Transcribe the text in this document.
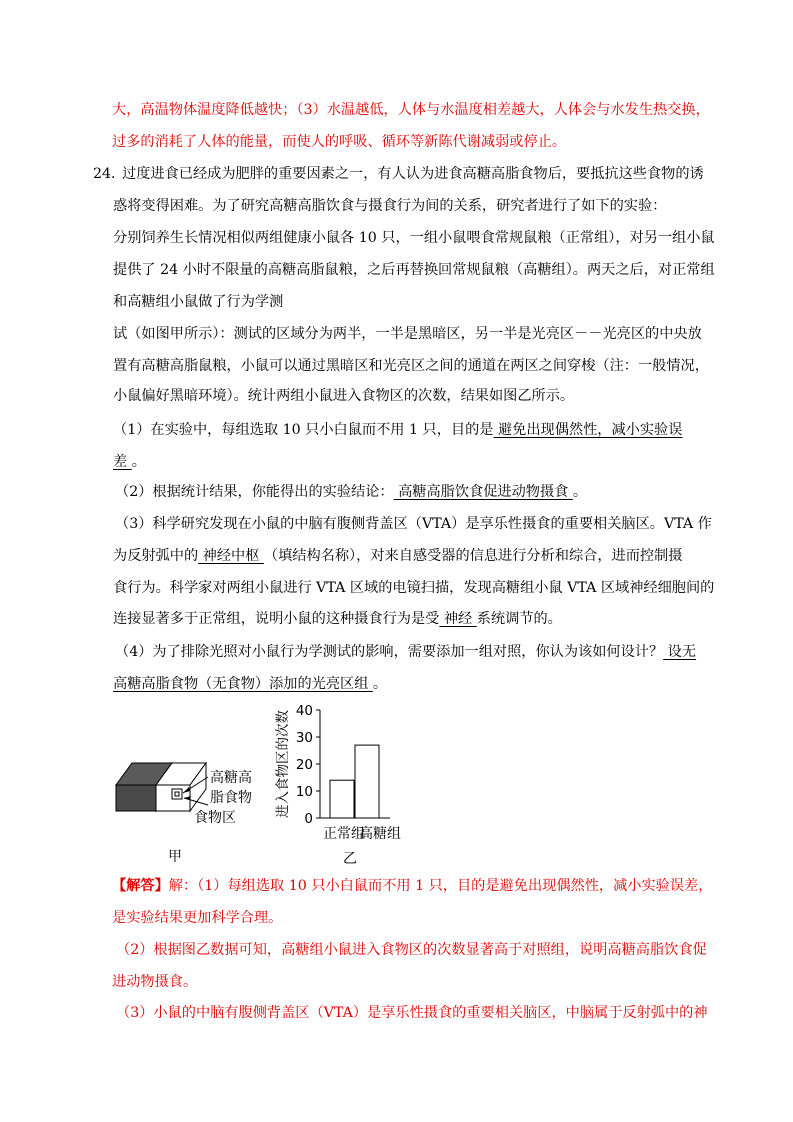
大，高温物体温度降低越快；（3）水温越低，人体与水温度相差越大，人体会与水发生热交换，
过多的消耗了人体的能量，而使人的呼吸、循环等新陈代谢减弱或停止。
24．
过度进食已经成为肥胖的重要因素之一，有人认为进食高糖高脂食物后，要抵抗这些食物的诱
惑将变得困难。为了研究高糖高脂饮食与摄食行为间的关系，研究者进行了如下的实验：
分别饲养生长情况相似两组健康小鼠各 10 只，一组小鼠喂食常规鼠粮（正常组），对另一组小鼠
提供了 24 小时不限量的高糖高脂鼠粮，之后再替换回常规鼠粮（高糖组）。两天之后，对正常组
和高糖组小鼠做了行为学测
试（如图甲所示）：测试的区域分为两半，一半是黑暗区，另一半是光亮区－－光亮区的中央放
置有高糖高脂鼠粮，小鼠可以通过黑暗区和光亮区之间的通道在两区之间穿梭（注：一般情况，
小鼠偏好黑暗环境）。统计两组小鼠进入食物区的次数，结果如图乙所示。
（1）在实验中，每组选取 10 只小白鼠而不用 1 只，目的是 避免出现偶然性，减小实验误
差 。
（2）根据统计结果，你能得出的实验结论： 高糖高脂饮食促进动物摄食 。
（3）科学研究发现在小鼠的中脑有腹侧背盖区（VTA）是享乐性摄食的重要相关脑区。VTA 作
为反射弧中的 神经中枢 （填结构名称），对来自感受器的信息进行分析和综合，进而控制摄
食行为。科学家对两组小鼠进行 VTA 区域的电镜扫描，发现高糖组小鼠 VTA 区域神经细胞间的
连接显著多于正常组，说明小鼠的这种摄食行为是受 神经 系统调节的。
（4）为了排除光照对小鼠行为学测试的影响，需要添加一组对照，你认为该如何设计？ 设无
高糖高脂食物（无食物）添加的光亮区组 。
高糖高
脂食物
食物区
甲
0
10
20
30
40
正常组
高糖组
进入食物区的次数
乙
【解答】解：（1）每组选取 10 只小白鼠而不用 1 只，目的是避免出现偶然性，减小实验误差，
是实验结果更加科学合理。
（2）根据图乙数据可知，高糖组小鼠进入食物区的次数显著高于对照组，说明高糖高脂饮食促
进动物摄食。
（3）小鼠的中脑有腹侧背盖区（VTA）是享乐性摄食的重要相关脑区，中脑属于反射弧中的神
